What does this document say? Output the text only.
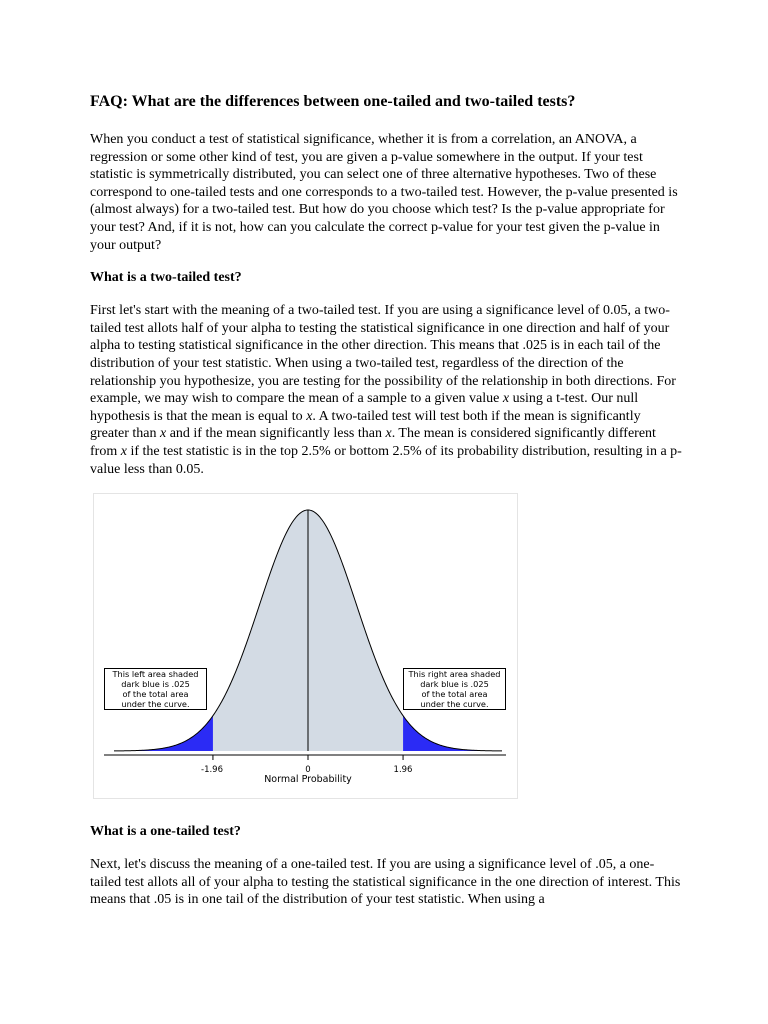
FAQ: What are the differences between one-tailed and two-tailed tests?

When you conduct a test of statistical significance, whether it is from a correlation, an ANOVA, a regression or some other kind of test, you are given a p-value somewhere in the output. If your test statistic is symmetrically distributed, you can select one of three alternative hypotheses. Two of these correspond to one-tailed tests and one corresponds to a two-tailed test. However, the p-value presented is (almost always) for a two-tailed test. But how do you choose which test? Is the p-value appropriate for your test? And, if it is not, how can you calculate the correct p-value for your test given the p-value in your output?

What is a two-tailed test?

First let's start with the meaning of a two-tailed test. If you are using a significance level of 0.05, a two-tailed test allots half of your alpha to testing the statistical significance in one direction and half of your alpha to testing statistical significance in the other direction. This means that .025 is in each tail of the distribution of your test statistic. When using a two-tailed test, regardless of the direction of the relationship you hypothesize, you are testing for the possibility of the relationship in both directions. For example, we may wish to compare the mean of a sample to a given value x using a t-test. Our null hypothesis is that the mean is equal to x. A two-tailed test will test both if the mean is significantly greater than x and if the mean significantly less than x. The mean is considered significantly different from x if the test statistic is in the top 2.5% or bottom 2.5% of its probability distribution, resulting in a p-value less than 0.05.

This left area shaded
dark blue is .025
of the total area
under the curve.
This right area shaded
dark blue is .025
of the total area
under the curve.
-1.96	0	1.96
Normal Probability
What is a one-tailed test?

Next, let's discuss the meaning of a one-tailed test. If you are using a significance level of .05, a one-tailed test allots all of your alpha to testing the statistical significance in the one direction of interest. This means that .05 is in one tail of the distribution of your test statistic. When using a
